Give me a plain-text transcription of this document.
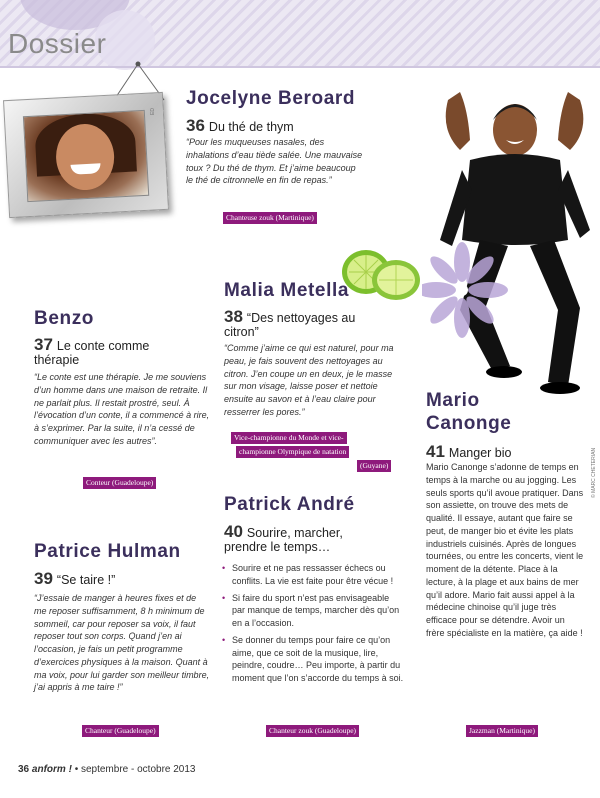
Dossier
ED
© MARC CHETERIAN
Jocelyne Beroard
36 Du thé de thym
“Pour les muqueuses nasales, des inhalations d’eau tiède salée. Une mauvaise toux ? Du thé de thym. Et j’aime beaucoup le thé de citronnelle en fin de repas.”
Chanteuse zouk (Martinique)
Malia Metella
38 “Des nettoyages au citron”
“Comme j’aime ce qui est naturel, pour ma peau, je fais souvent des nettoyages au citron. J’en coupe un en deux, je le masse sur mon visage, laisse poser et nettoie ensuite au savon et à l’eau claire pour resserrer les pores.”
Vice-championne du Monde et vice-
championne Olympique de natation
(Guyane)
Benzo
37 Le conte comme thérapie
“Le conte est une thérapie. Je me souviens d’un homme dans une maison de retraite. Il ne parlait plus. Il restait prostré, seul. À l’évocation d’un conte, il a commencé à rire, à s’exprimer. Par la suite, il n’a cessé de communiquer avec les autres”.
Conteur (Guadeloupe)
Patrice Hulman
39 “Se taire !”
“J’essaie de manger à heures fixes et de me reposer suffisamment, 8 h minimum de sommeil, car pour reposer sa voix, il faut reposer tout son corps. Quand j’en ai l’occasion, je fais un petit programme d’exercices physiques à la maison. Quant à ma voix, pour lui garder son meilleur timbre, j’ai appris à me taire !”
Chanteur (Guadeloupe)
Patrick André
40 Sourire, marcher, prendre le temps…
• Sourire et ne pas ressasser échecs ou conflits. La vie est faite pour être vécue !
• Si faire du sport n’est pas envisageable par manque de temps, marcher dès qu’on en a l’occasion.
• Se donner du temps pour faire ce qu’on aime, que ce soit de la musique, lire, peindre, coudre… Peu importe, à partir du moment que l’on s’accorde du temps à soi.
Chanteur zouk (Guadeloupe)
Mario
Canonge
41 Manger bio
Mario Canonge s’adonne de temps en temps à la marche ou au jogging. Les seuls sports qu’il avoue pratiquer. Dans son assiette, on trouve des mets de qualité. Il essaye, autant que faire se peut, de manger bio et évite les plats industriels cuisinés. Après de longues tournées, ou entre les concerts, vient le moment de la détente. Place à la lecture, à la plage et aux bains de mer qu’il adore. Mario fait aussi appel à la médecine chinoise qu’il juge très efficace pour se détendre. Avoir un frère spécialiste en la matière, ça aide !
Jazzman (Martinique)
36 anform ! • septembre - octobre 2013
